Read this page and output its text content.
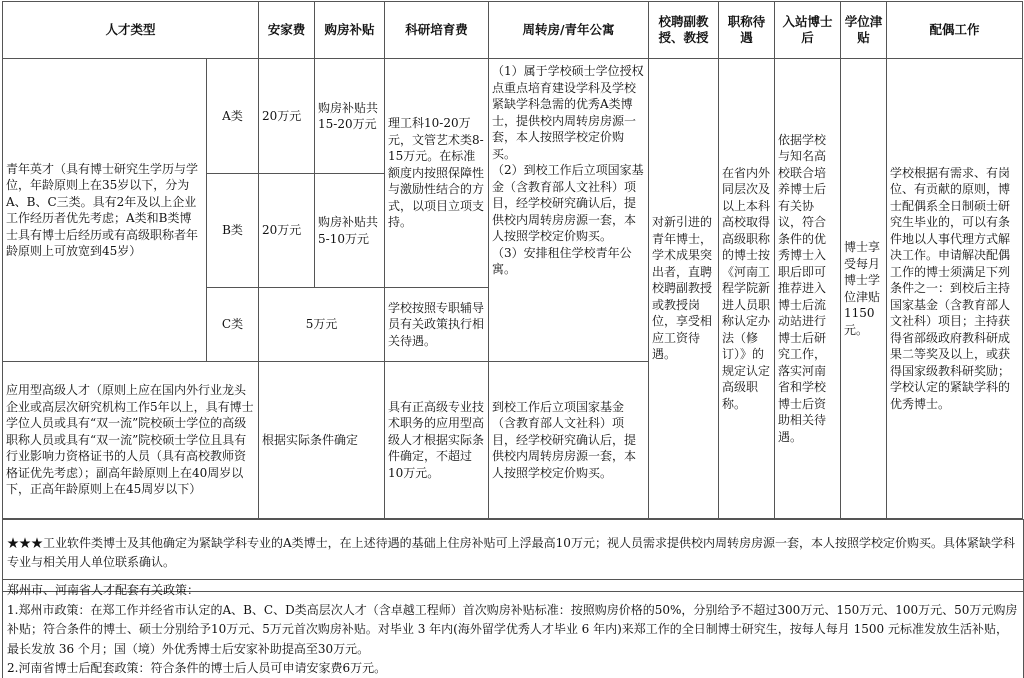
人才类型		安家费	购房补贴	科研培育费	周转房/青年公寓	校聘副教授、教授	职称待遇	入站博士后	学位津贴	配偶工作
青年英才（具有博士研究生学历与学位，年龄原则上在35岁以下，分为A、B、C三类。具有2年及以上企业工作经历者优先考虑；A类和B类博士具有博士后经历或有高级职称者年龄原则上可放宽到45岁）	A类	20万元	购房补贴共15-20万元	理工科10-20万元，文管艺术类8-15万元。在标准额度内按照保障性与激励性结合的方式，以项目立项支持。	（1）属于学校硕士学位授权点重点培育建设学科及学校紧缺学科急需的优秀A类博士，提供校内周转房房源一套，本人按照学校定价购买。
（2）到校工作后立项国家基金（含教育部人文社科）项目，经学校研究确认后，提供校内周转房房源一套，本人按照学校定价购买。
（3）安排租住学校青年公寓。	对新引进的青年博士，学术成果突出者，直聘校聘副教授或教授岗位，享受相应工资待遇。	在省内外同层次及以上本科高校取得高级职称的博士按《河南工程学院新进人员职称认定办法（修订）》的规定认定高级职称。	依据学校与知名高校联合培养博士后有关协议，符合条件的优秀博士入职后即可推荐进入博士后流动站进行博士后研究工作，落实河南省和学校博士后资助相关待遇。	博士享受每月博士学位津贴1150元。	学校根据有需求、有岗位、有贡献的原则，博士配偶系全日制硕士研究生毕业的，可以有条件地以人事代理方式解决工作。申请解决配偶工作的博士须满足下列条件之一：到校后主持国家基金（含教育部人文社科）项目；主持获得省部级政府教科研成果二等奖及以上，或获得国家级教科研奖励；学校认定的紧缺学科的优秀博士。
	B类	20万元	购房补贴共5-10万元							
	C类	5万元		学校按照专职辅导员有关政策执行相关待遇。						
应用型高级人才（原则上应在国内外行业龙头企业或高层次研究机构工作5年以上，具有博士学位人员或具有“双一流”院校硕士学位的高级职称人员或具有“双一流”院校硕士学位且具有行业影响力资格证书的人员（具有高校教师资格证优先考虑）；副高年龄原则上在40周岁以下，正高年龄原则上在45周岁以下）		根据实际条件确定		具有正高级专业技术职务的应用型高级人才根据实际条件确定，不超过10万元。	到校工作后立项国家基金（含教育部人文社科）项目，经学校研究确认后，提供校内周转房房源一套，本人按照学校定价购买。					
★★★工业软件类博士及其他确定为紧缺学科专业的A类博士，在上述待遇的基础上住房补贴可上浮最高10万元；视人员需求提供校内周转房房源一套，本人按照学校定价购买。具体紧缺学科专业与相关用人单位联系确认。
郑州市、河南省人才配套有关政策：
1.郑州市政策：在郑工作并经省市认定的A、B、C、D类高层次人才（含卓越工程师）首次购房补贴标准：按照购房价格的50%，分别给予不超过300万元、150万元、100万元、50万元购房补贴；符合条件的博士、硕士分别给予10万元、5万元首次购房补贴。对毕业 3 年内(海外留学优秀人才毕业 6 年内)来郑工作的全日制博士研究生，按每人每月 1500 元标准发放生活补贴，最长发放 36 个月；国（境）外优秀博士后安家补助提高至30万元。
2.河南省博士后配套政策：符合条件的博士后人员可申请安家费6万元。
